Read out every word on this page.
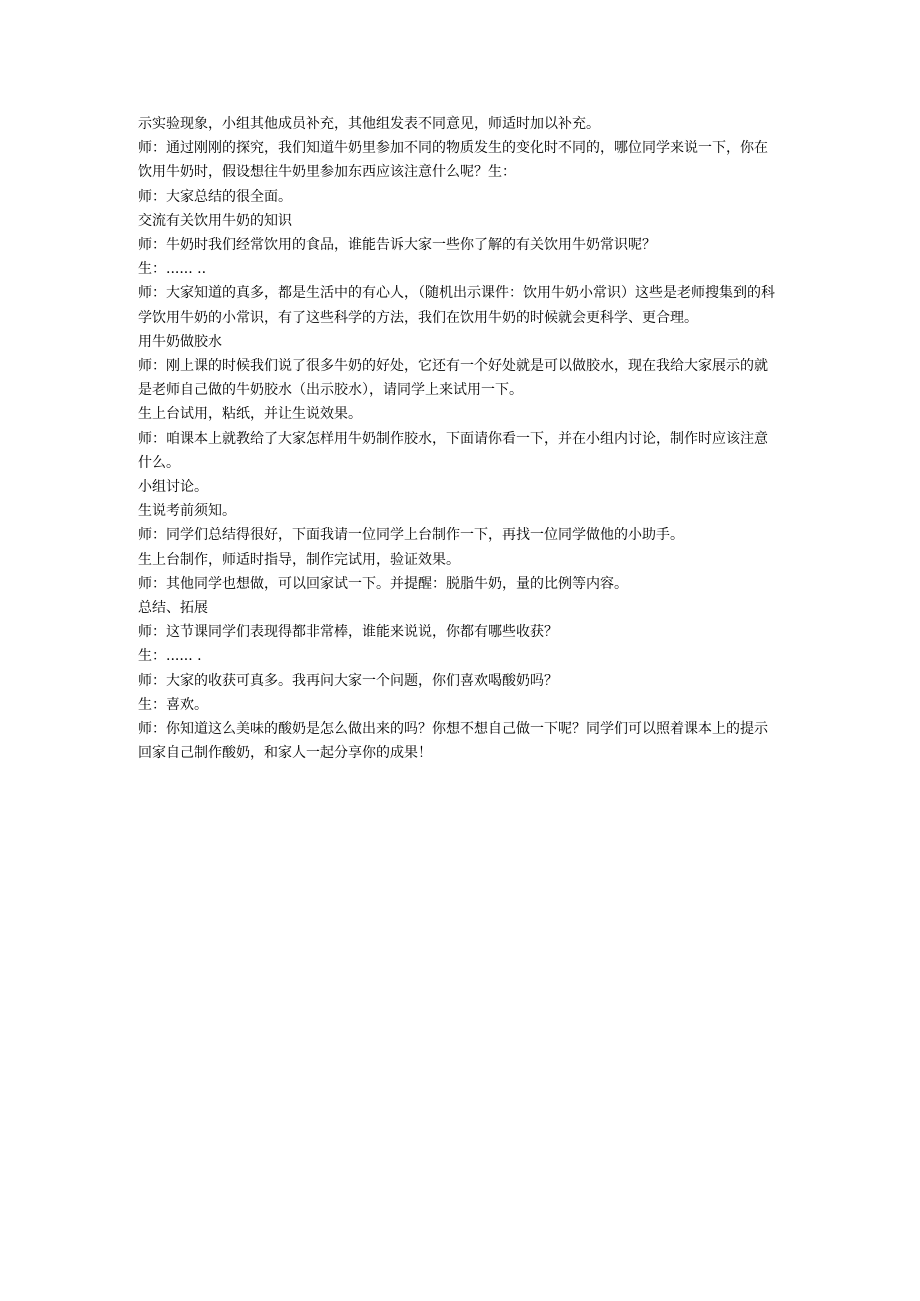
示实验现象，小组其他成员补充，其他组发表不同意见，师适时加以补充。

师：通过刚刚的探究，我们知道牛奶里参加不同的物质发生的变化时不同的，哪位同学来说一下，你在饮用牛奶时，假设想往牛奶里参加东西应该注意什么呢？生：

师：大家总结的很全面。

交流有关饮用牛奶的知识

师：牛奶时我们经常饮用的食品，谁能告诉大家一些你了解的有关饮用牛奶常识呢？

生：...... ..

师：大家知道的真多，都是生活中的有心人，（随机出示课件：饮用牛奶小常识）这些是老师搜集到的科学饮用牛奶的小常识，有了这些科学的方法，我们在饮用牛奶的时候就会更科学、更合理。

用牛奶做胶水

师：刚上课的时候我们说了很多牛奶的好处，它还有一个好处就是可以做胶水，现在我给大家展示的就是老师自己做的牛奶胶水（出示胶水），请同学上来试用一下。

生上台试用，粘纸，并让生说效果。

师：咱课本上就教给了大家怎样用牛奶制作胶水，下面请你看一下，并在小组内讨论，制作时应该注意什么。

小组讨论。

生说考前须知。

师：同学们总结得很好，下面我请一位同学上台制作一下，再找一位同学做他的小助手。

生上台制作，师适时指导，制作完试用，验证效果。

师：其他同学也想做，可以回家试一下。并提醒：脱脂牛奶，量的比例等内容。

总结、拓展

师：这节课同学们表现得都非常棒，谁能来说说，你都有哪些收获？

生：...... .

师：大家的收获可真多。我再问大家一个问题，你们喜欢喝酸奶吗？

生：喜欢。

师：你知道这么美味的酸奶是怎么做出来的吗？你想不想自己做一下呢？同学们可以照着课本上的提示回家自己制作酸奶，和家人一起分享你的成果！
